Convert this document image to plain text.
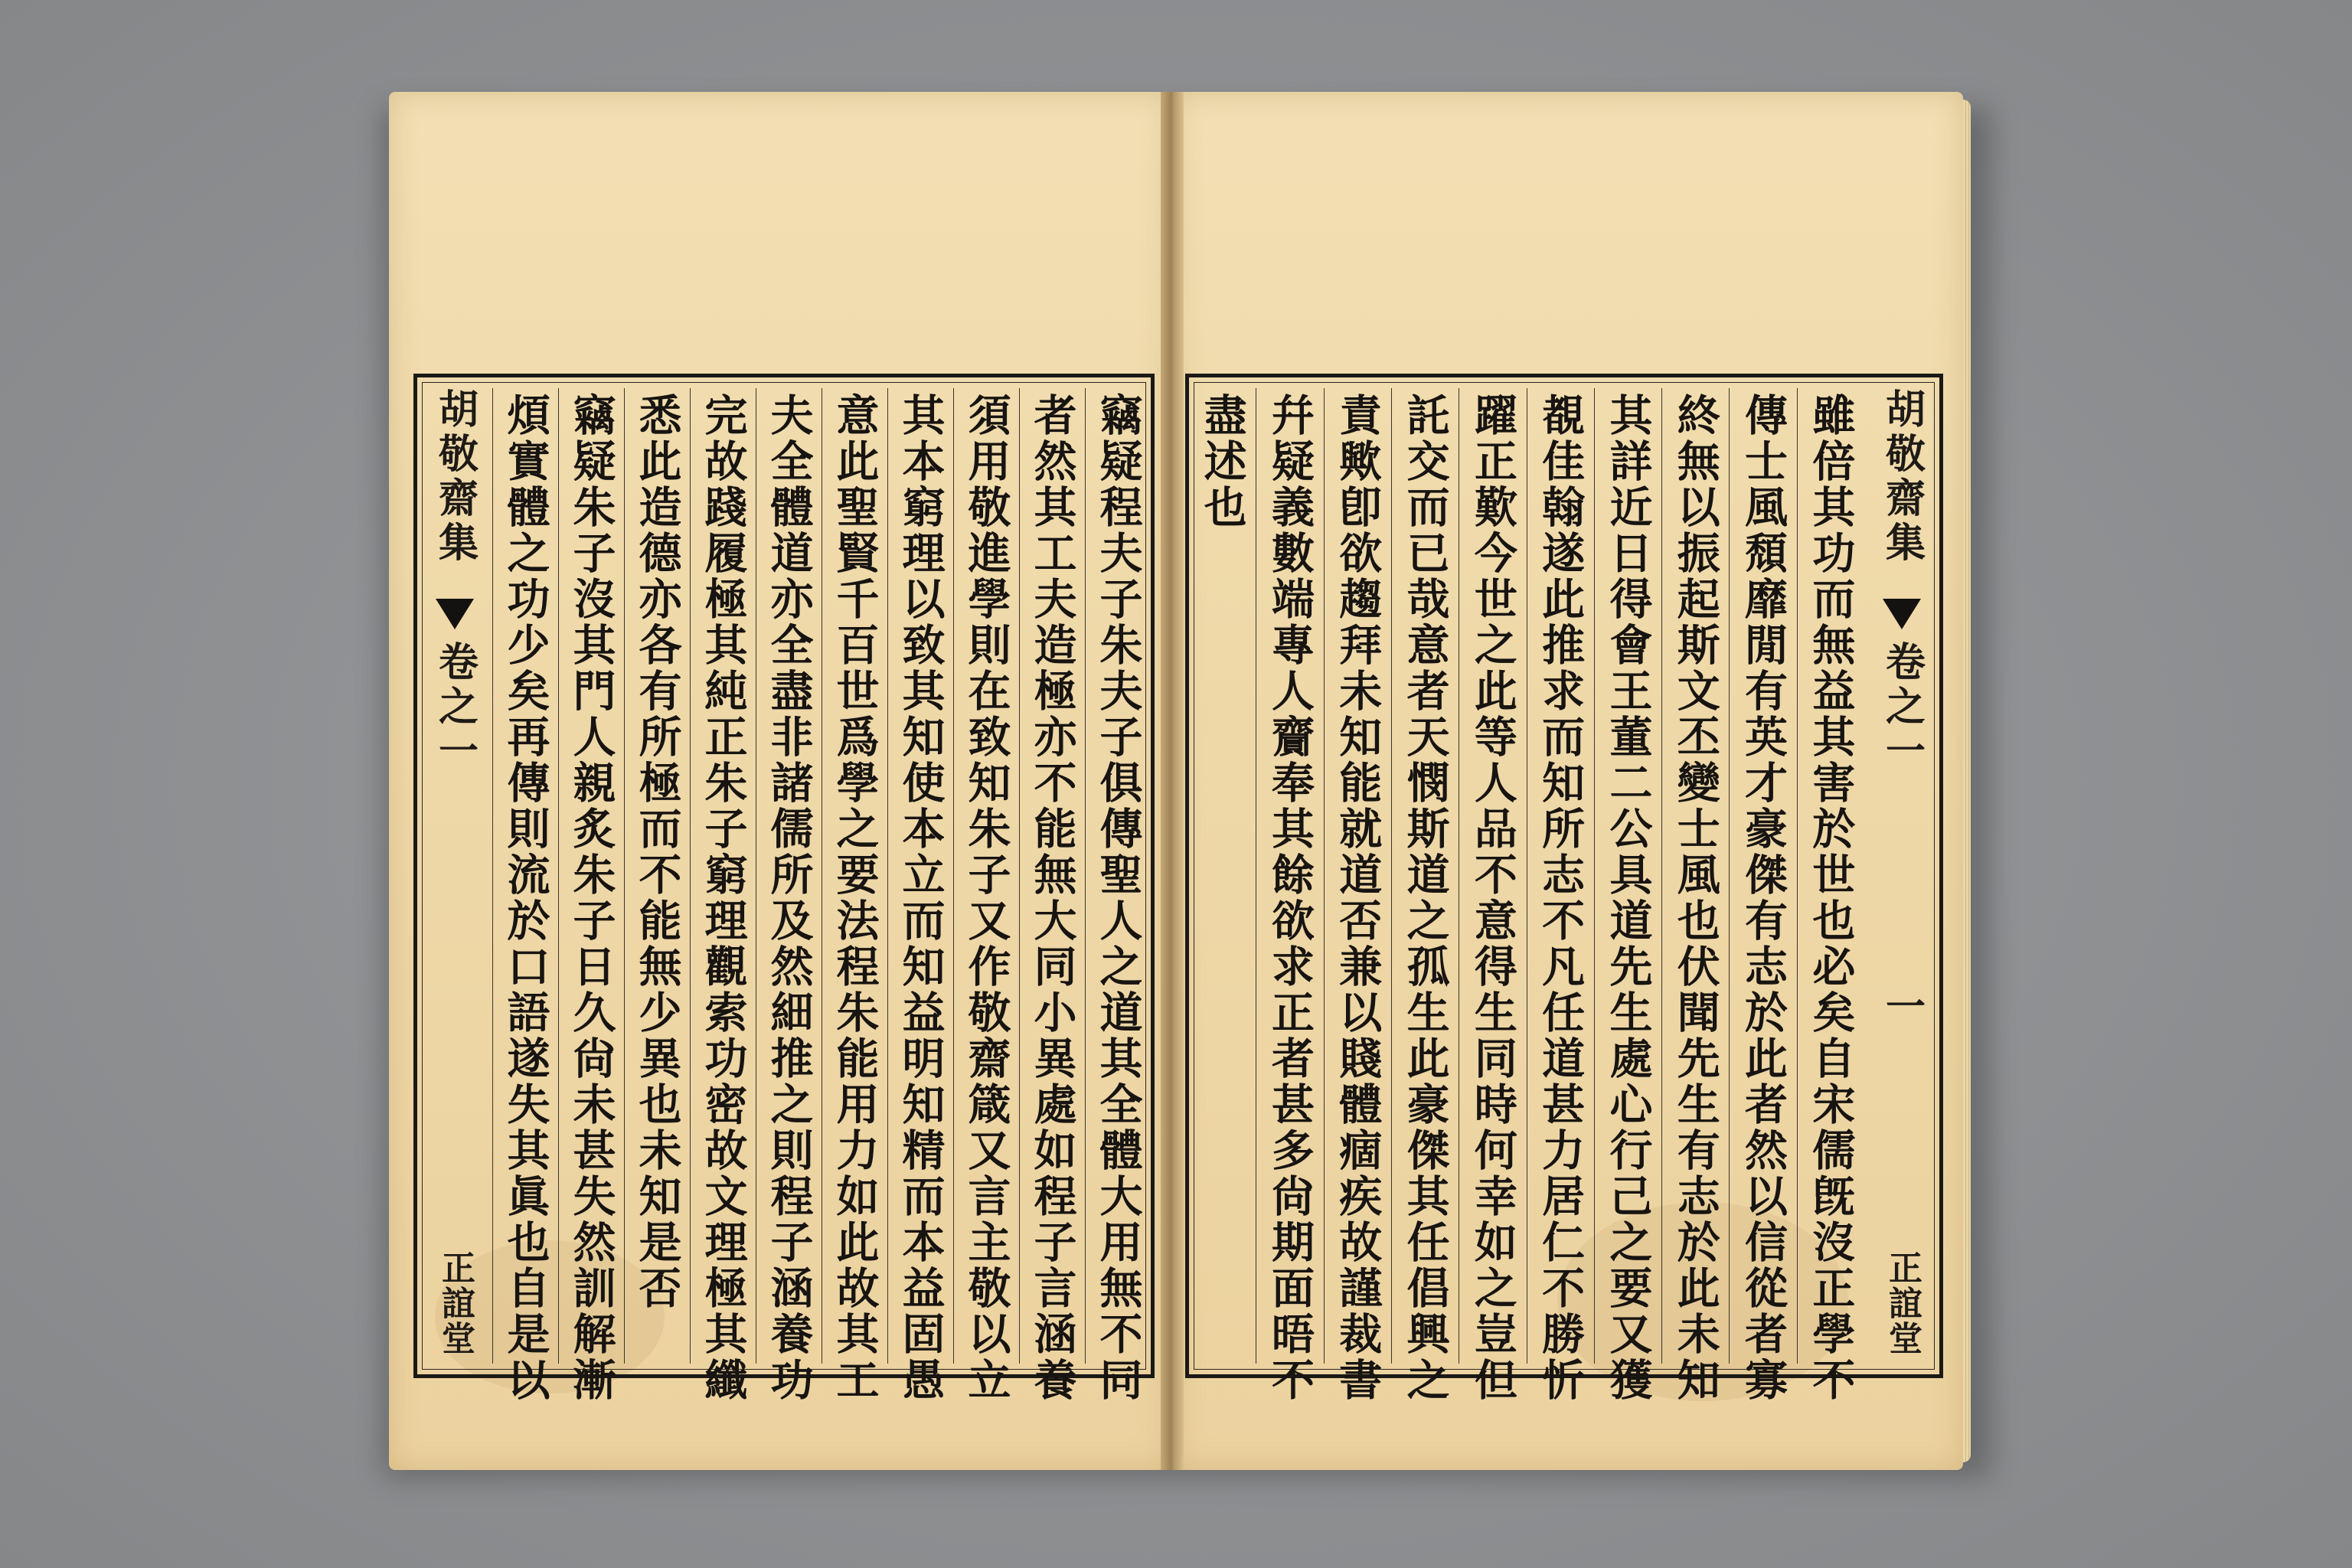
竊疑程夫子朱夫子俱傳聖人之道其全體大用無不同
者然其工夫造極亦不能無大同小異處如程子言涵養
須用敬進學則在致知朱子又作敬齋箴又言主敬以立
其本窮理以致其知使本立而知益明知精而本益固愚
意此聖賢千百世爲學之要法程朱能用力如此故其工
夫全體道亦全盡非諸儒所及然細推之則程子涵養功
完故踐履極其純正朱子窮理觀索功密故文理極其纖
悉此造德亦各有所極而不能無少異也未知是否
竊疑朱子沒其門人親炙朱子日久尙未甚失然訓解漸
煩實體之功少矣再傳則流於口語遂失其眞也自是以
胡敬齋集
卷之一
正誼堂
胡敬齋集
卷之一
一
正誼堂
雖倍其功而無益其害於世也必矣自宋儒旣沒正學不
傳士風頹靡閒有英才豪傑有志於此者然以信從者寡
終無以振起斯文丕變士風也伏聞先生有志於此未知
其詳近日得會王董二公具道先生處心行己之要又獲
覩佳翰遂此推求而知所志不凡任道甚力居仁不勝忻
躍正歎今世之此等人品不意得生同時何幸如之豈但
託交而已哉意者天憫斯道之孤生此豪傑其任倡興之
責歟卽欲趨拜未知能就道否兼以賤體痼疾故謹裁書
幷疑義數端專人齎奉其餘欲求正者甚多尙期面晤不
盡述也
